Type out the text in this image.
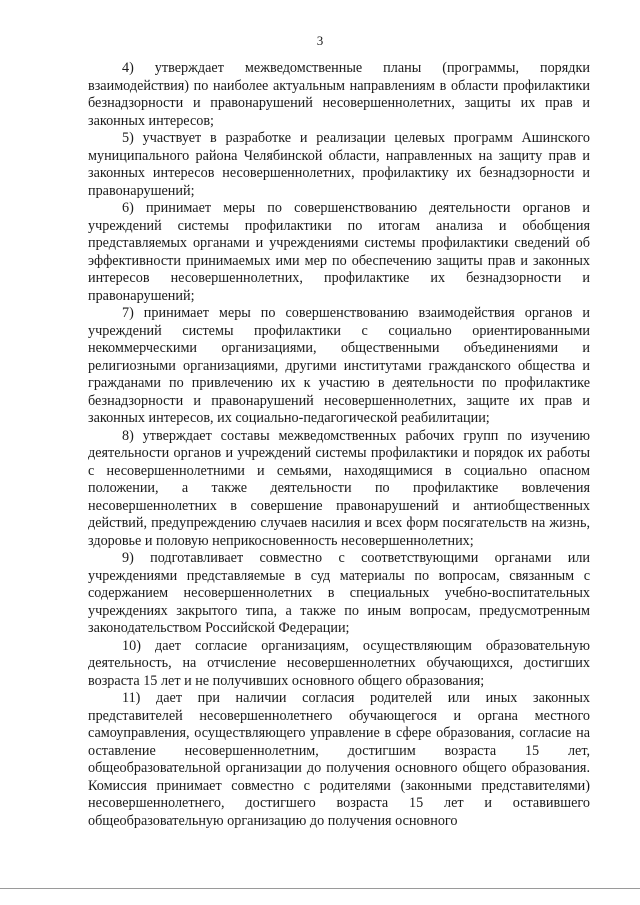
3

4) утверждает межведомственные планы (программы, порядки взаимодействия) по наиболее актуальным направлениям в области профилактики безнадзорности и правонарушений несовершеннолетних, защиты их прав и законных интересов;

5) участвует в разработке и реализации целевых программ Ашинского муниципального района Челябинской области, направленных на защиту прав и законных интересов несовершеннолетних, профилактику их безнадзорности и правонарушений;

6) принимает меры по совершенствованию деятельности органов и учреждений системы профилактики по итогам анализа и обобщения представляемых органами и учреждениями системы профилактики сведений об эффективности принимаемых ими мер по обеспечению защиты прав и законных интересов несовершеннолетних, профилактике их безнадзорности и правонарушений;

7) принимает меры по совершенствованию взаимодействия органов и учреждений системы профилактики с социально ориентированными некоммерческими организациями, общественными объединениями и религиозными организациями, другими институтами гражданского общества и гражданами по привлечению их к участию в деятельности по профилактике безнадзорности и правонарушений несовершеннолетних, защите их прав и законных интересов, их социально-педагогической реабилитации;

8) утверждает составы межведомственных рабочих групп по изучению деятельности органов и учреждений системы профилактики и порядок их работы с несовершеннолетними и семьями, находящимися в социально опасном положении, а также деятельности по профилактике вовлечения несовершеннолетних в совершение правонарушений и антиобщественных действий, предупреждению случаев насилия и всех форм посягательств на жизнь, здоровье и половую неприкосновенность несовершеннолетних;

9) подготавливает совместно с соответствующими органами или учреждениями представляемые в суд материалы по вопросам, связанным с содержанием несовершеннолетних в специальных учебно-воспитательных учреждениях закрытого типа, а также по иным вопросам, предусмотренным законодательством Российской Федерации;

10) дает согласие организациям, осуществляющим образовательную деятельность, на отчисление несовершеннолетних обучающихся, достигших возраста 15 лет и не получивших основного общего образования;

11) дает при наличии согласия родителей или иных законных представителей несовершеннолетнего обучающегося и органа местного самоуправления, осуществляющего управление в сфере образования, согласие на оставление несовершеннолетним, достигшим возраста 15 лет, общеобразовательной организации до получения основного общего образования. Комиссия принимает совместно с родителями (законными представителями) несовершеннолетнего, достигшего возраста 15 лет и оставившего общеобразовательную организацию до получения основного
